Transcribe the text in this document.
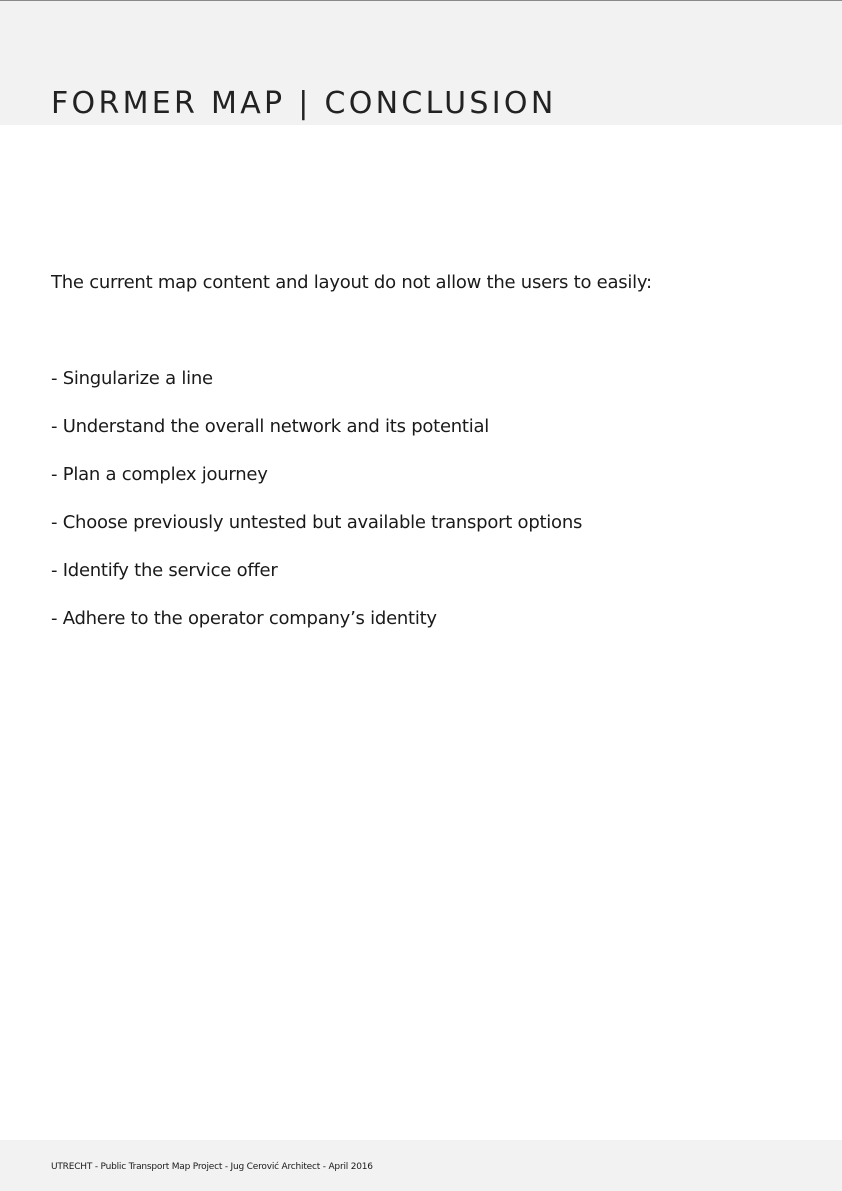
FORMER MAP | CONCLUSION

The current map content and layout do not allow the users to easily:

- Singularize a line
- Understand the overall network and its potential
- Plan a complex journey
- Choose previously untested but available transport options
- Identify the service offer
- Adhere to the operator company’s identity
UTRECHT - Public Transport Map Project - Jug Cerović Architect - April 2016
